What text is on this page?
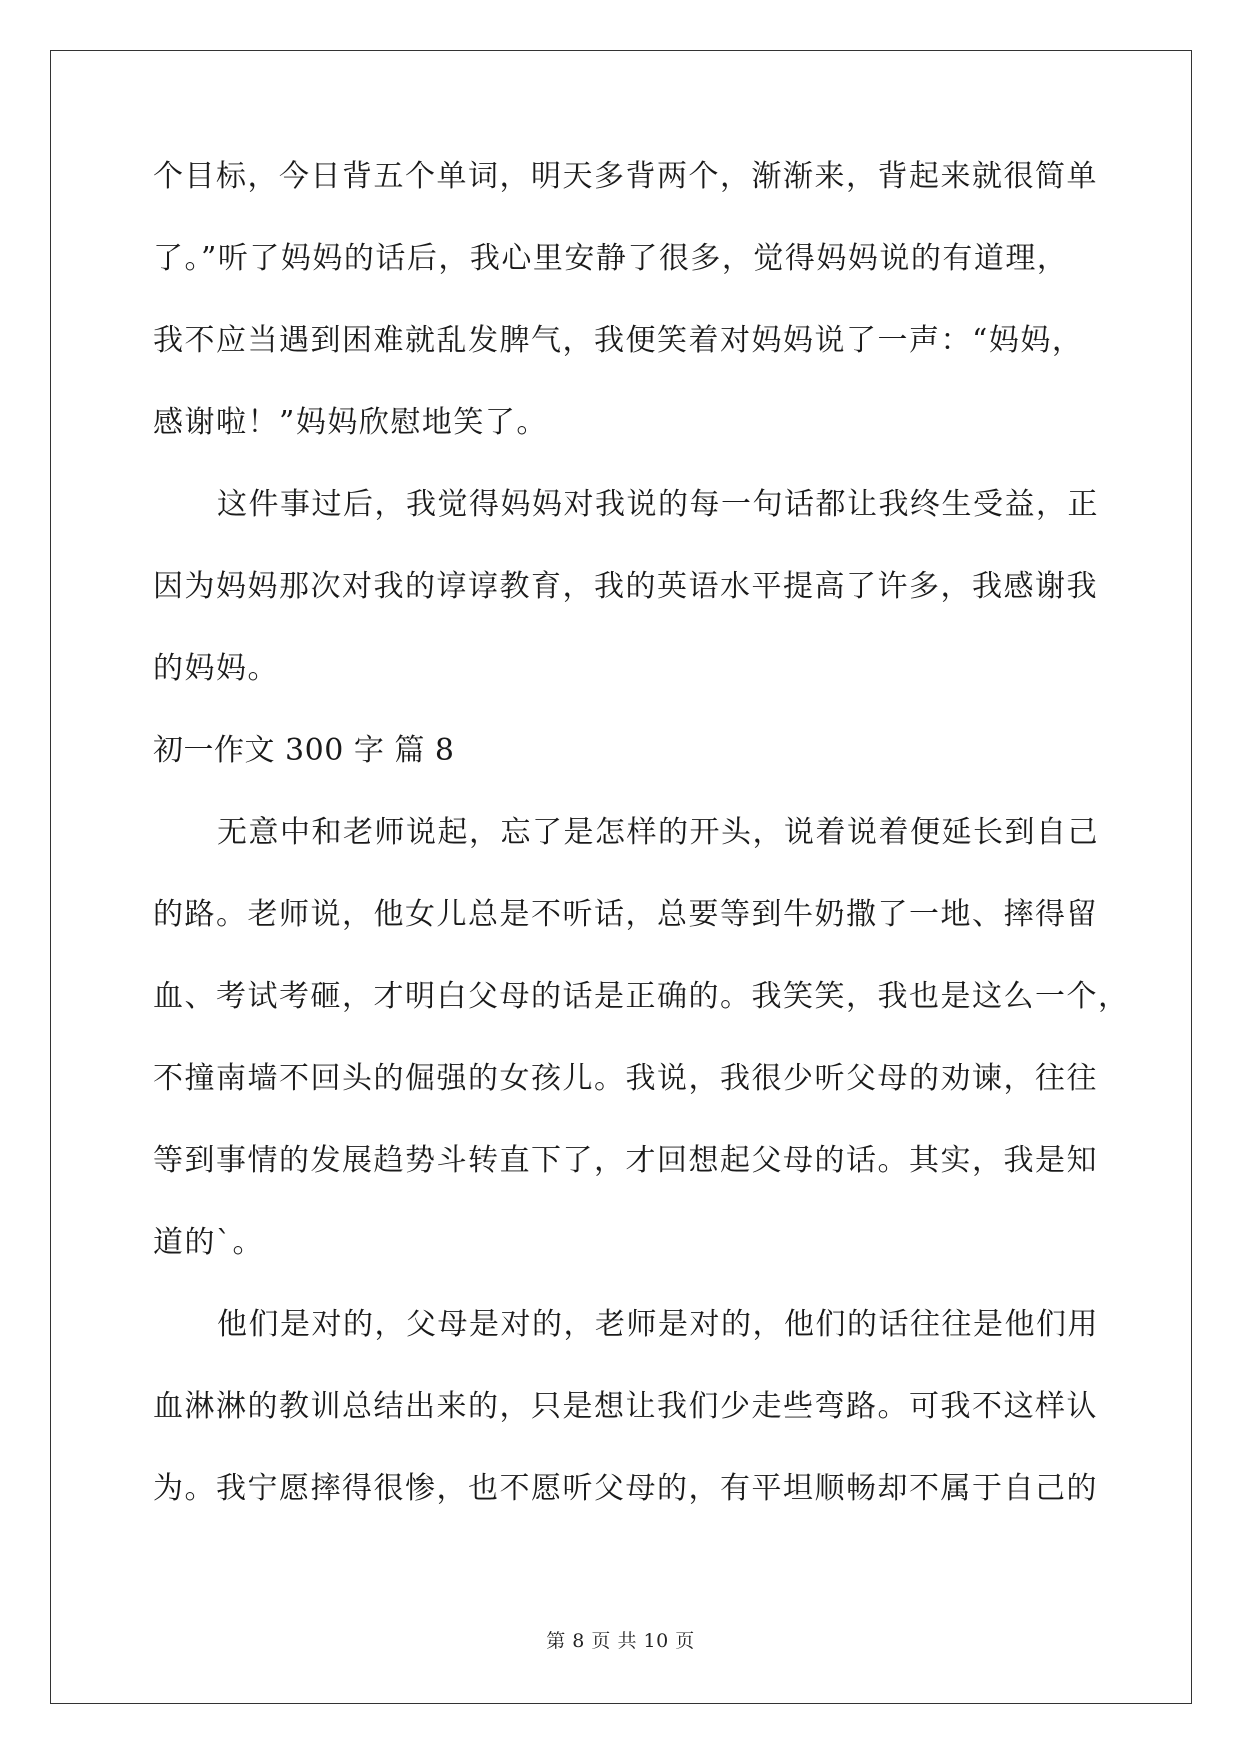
个目标，今日背五个单词，明天多背两个，渐渐来，背起来就很简单
了。”听了妈妈的话后，我心里安静了很多，觉得妈妈说的有道理，
我不应当遇到困难就乱发脾气，我便笑着对妈妈说了一声：“妈妈，
感谢啦！”妈妈欣慰地笑了。
这件事过后，我觉得妈妈对我说的每一句话都让我终生受益，正
因为妈妈那次对我的谆谆教育，我的英语水平提高了许多，我感谢我
的妈妈。
初一作文 300 字 篇 8
无意中和老师说起，忘了是怎样的开头，说着说着便延长到自己
的路。老师说，他女儿总是不听话，总要等到牛奶撒了一地、摔得留
血、考试考砸，才明白父母的话是正确的。我笑笑，我也是这么一个，
不撞南墙不回头的倔强的女孩儿。我说，我很少听父母的劝谏，往往
等到事情的发展趋势斗转直下了，才回想起父母的话。其实，我是知
道的`。
他们是对的，父母是对的，老师是对的，他们的话往往是他们用
血淋淋的教训总结出来的，只是想让我们少走些弯路。可我不这样认
为。我宁愿摔得很惨，也不愿听父母的，有平坦顺畅却不属于自己的
第 8 页 共 10 页
